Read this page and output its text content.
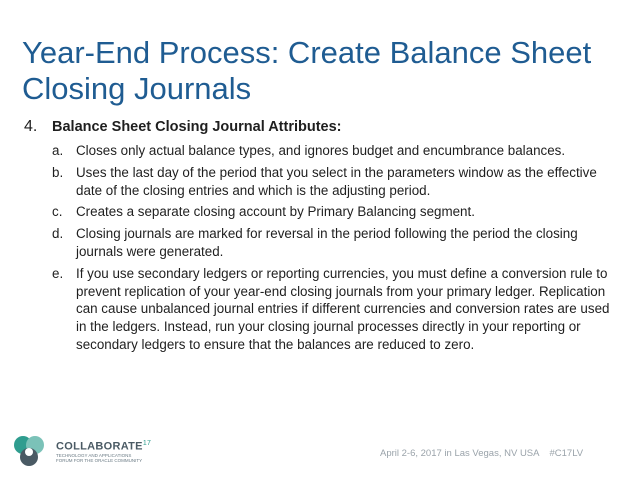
Year-End Process: Create Balance Sheet Closing Journals
4.	Balance Sheet Closing Journal Attributes:
a. Closes only actual balance types, and ignores budget and encumbrance balances.
b. Uses the last day of the period that you select in the parameters window as the effective date of the closing entries and which is the adjusting period.
c.	Creates a separate closing account by Primary Balancing segment.
d. Closing journals are marked for reversal in the period following the period the closing journals were generated.
e. If you use secondary ledgers or reporting currencies, you must define a conversion rule to prevent replication of your year-end closing journals from your primary ledger. Replication can cause unbalanced journal entries if different currencies and conversion rates are used in the ledgers. Instead, run your closing journal processes directly in your reporting or secondary ledgers to ensure that the balances are reduced to zero.
COLLABORATE$^{17}$
TECHNOLOGY AND APPLICATIONS FORUM FOR THE ORACLE COMMUNITY
April 2-6, 2017 in Las Vegas, NV USA #C17LV
